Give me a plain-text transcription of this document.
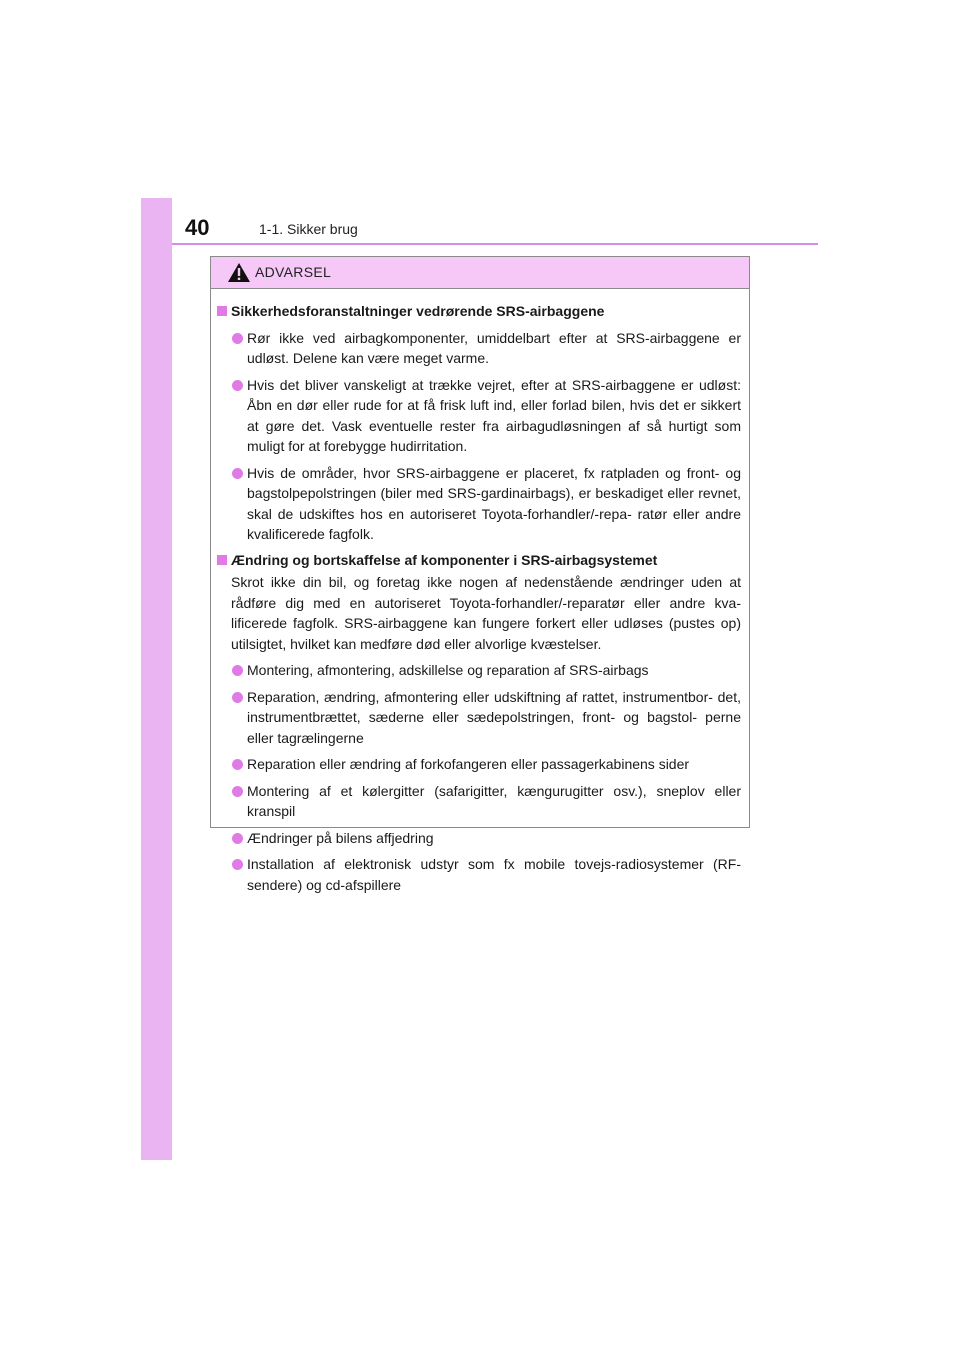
40	1-1. Sikker brug
ADVARSEL
Sikkerhedsforanstaltninger vedrørende SRS-airbaggene
Rør ikke ved airbagkomponenter, umiddelbart efter at SRS-airbaggene er udløst. Delene kan være meget varme.
Hvis det bliver vanskeligt at trække vejret, efter at SRS-airbaggene er udløst: Åbn en dør eller rude for at få frisk luft ind, eller forlad bilen, hvis det er sikkert at gøre det. Vask eventuelle rester fra airbagudløsningen af så hurtigt som muligt for at forebygge hudirritation.
Hvis de områder, hvor SRS-airbaggene er placeret, fx ratpladen og front- og bagstolpepolstringen (biler med SRS-gardinairbags), er beskadiget eller revnet, skal de udskiftes hos en autoriseret Toyota-forhandler/-repa- ratør eller andre kvalificerede fagfolk.
Ændring og bortskaffelse af komponenter i SRS-airbagsystemet
Skrot ikke din bil, og foretag ikke nogen af nedenstående ændringer uden at rådføre dig med en autoriseret Toyota-forhandler/-reparatør eller andre kva- lificerede fagfolk. SRS-airbaggene kan fungere forkert eller udløses (pustes op) utilsigtet, hvilket kan medføre død eller alvorlige kvæstelser.
Montering, afmontering, adskillelse og reparation af SRS-airbags
Reparation, ændring, afmontering eller udskiftning af rattet, instrumentbor- det, instrumentbrættet, sæderne eller sædepolstringen, front- og bagstol- perne eller tagrælingerne
Reparation eller ændring af forkofangeren eller passagerkabinens sider
Montering af et kølergitter (safarigitter, kængurugitter osv.), sneplov eller kranspil
Ændringer på bilens affjedring
Installation af elektronisk udstyr som fx mobile tovejs-radiosystemer (RF- sendere) og cd-afspillere
